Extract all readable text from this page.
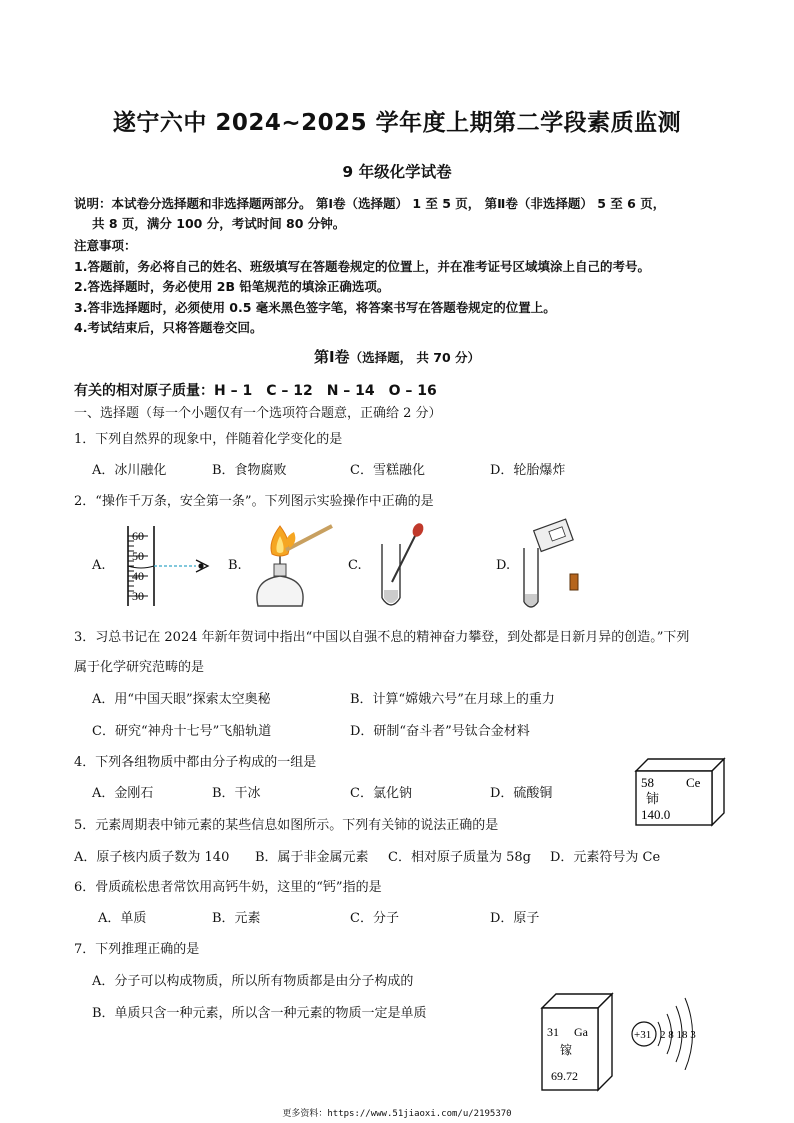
遂宁六中 2024~2025 学年度上期第二学段素质监测
9 年级化学试卷
说明：本试卷分选择题和非选择题两部分。 第Ⅰ卷（选择题） 1 至 5 页， 第Ⅱ卷（非选择题） 5 至 6 页，
共 8 页，满分 100 分，考试时间 80 分钟。
注意事项：
1.答题前，务必将自己的姓名、班级填写在答题卷规定的位置上，并在准考证号区域填涂上自己的考号。
2.答选择题时，务必使用 2B 铅笔规范的填涂正确选项。
3.答非选择题时，必须使用 0.5 毫米黑色签字笔，将答案书写在答题卷规定的位置上。
4.考试结束后，只将答题卷交回。
第Ⅰ卷（选择题， 共 70 分）
有关的相对原子质量：H – 1　C – 12　N – 14　O – 16
一、选择题（每一个小题仅有一个选项符合题意，正确给 2 分）
1．下列自然界的现象中，伴随着化学变化的是
A．冰川融化	B．食物腐败	C．雪糕融化	D．轮胎爆炸
2．“操作千万条，安全第一条”。下列图示实验操作中正确的是
A.	B.	C.	D.
60
50
40
30
3．习总书记在 2024 年新年贺词中指出“中国以自强不息的精神奋力攀登，到处都是日新月异的创造。”下列
属于化学研究范畴的是
A．用“中国天眼”探索太空奥秘	B．计算“嫦娥六号”在月球上的重力
C．研究“神舟十七号”飞船轨道	D．研制“奋斗者”号钛合金材料
4．下列各组物质中都由分子构成的一组是
A．金刚石	B．干冰	C．氯化钠	D．硫酸铜
58 Ce
铈
140.0
5．元素周期表中铈元素的某些信息如图所示。下列有关铈的说法正确的是
A．原子核内质子数为 140 B．属于非金属元素 C．相对原子质量为 58g D．元素符号为 Ce
6．骨质疏松患者常饮用高钙牛奶，这里的“钙”指的是
A．单质	B．元素	C．分子	D．原子
7．下列推理正确的是
A．分子可以构成物质，所以所有物质都是由分子构成的
B．单质只含一种元素，所以含一种元素的物质一定是单质
31 Ga
镓
69.72
+31 2 8 18 3
更多资料：https://www.51jiaoxi.com/u/2195370
